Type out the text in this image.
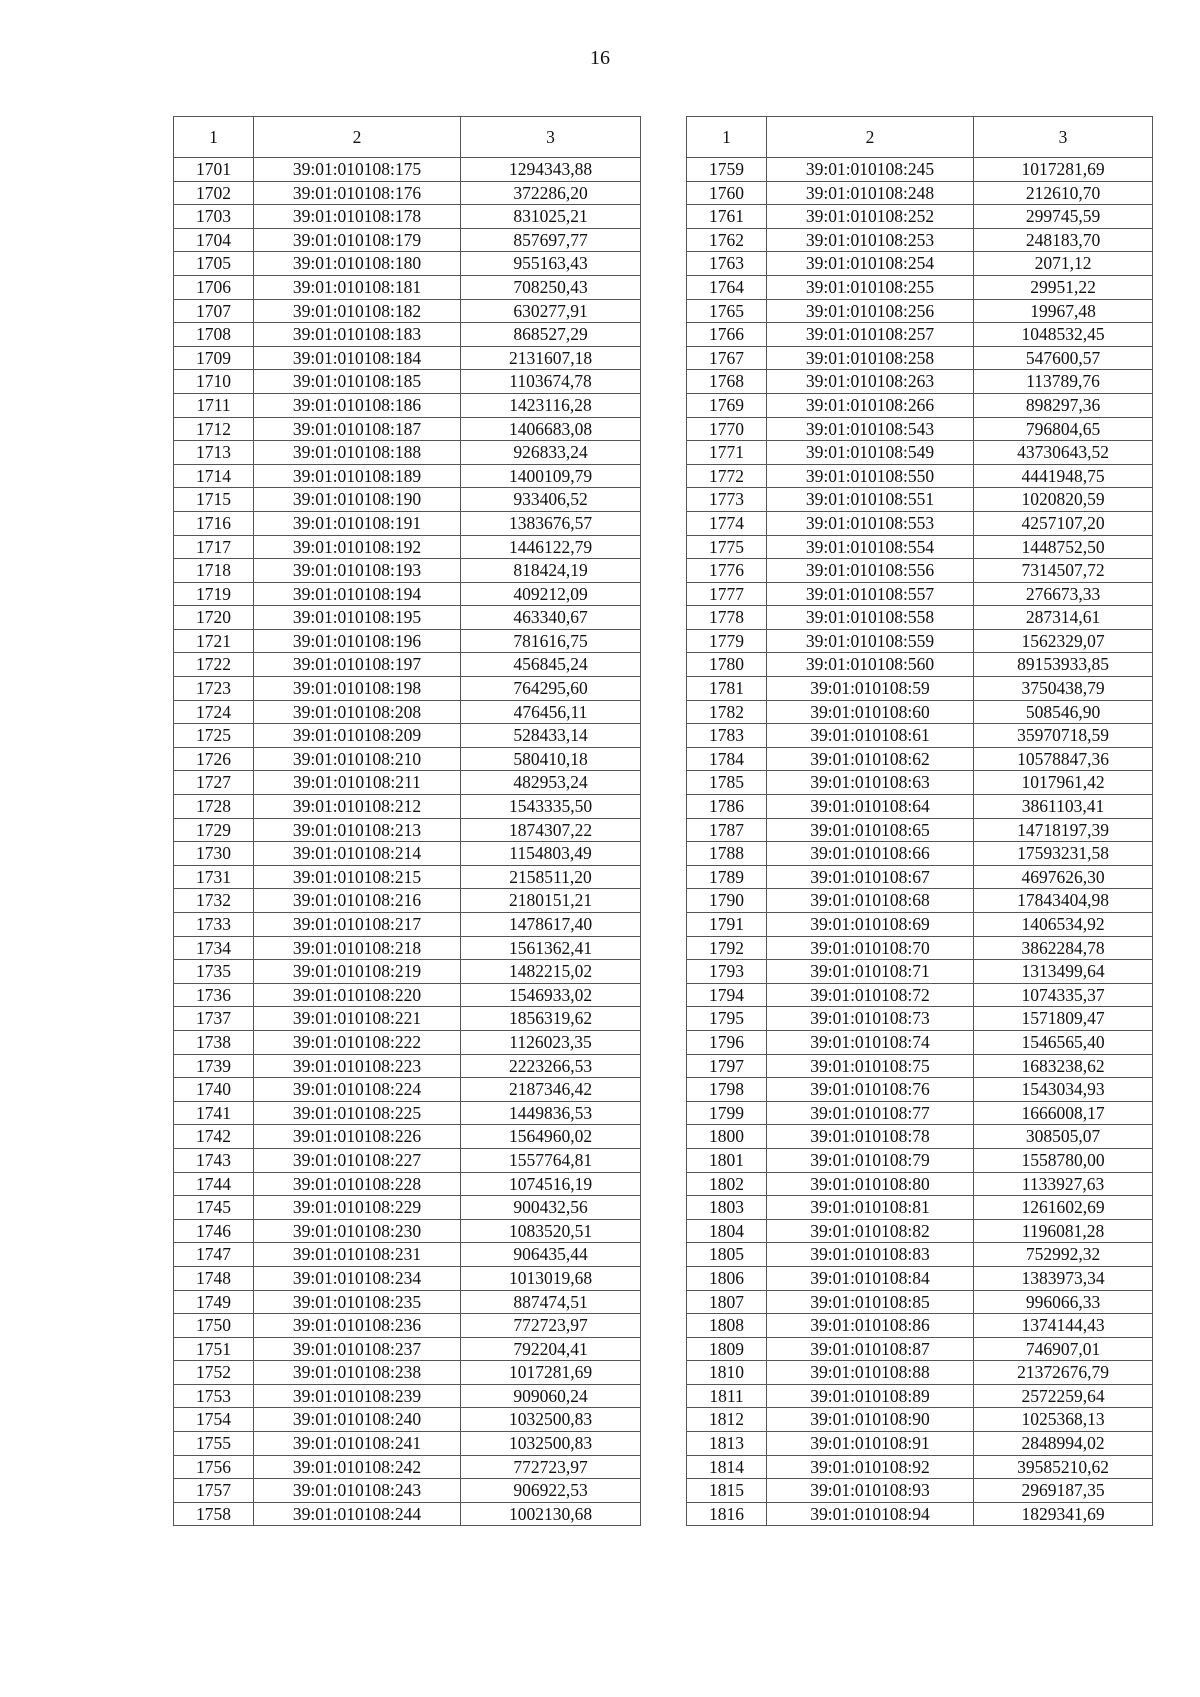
16
1	2	3
1701	39:01:010108:175	1294343,88
1702	39:01:010108:176	372286,20
1703	39:01:010108:178	831025,21
1704	39:01:010108:179	857697,77
1705	39:01:010108:180	955163,43
1706	39:01:010108:181	708250,43
1707	39:01:010108:182	630277,91
1708	39:01:010108:183	868527,29
1709	39:01:010108:184	2131607,18
1710	39:01:010108:185	1103674,78
1711	39:01:010108:186	1423116,28
1712	39:01:010108:187	1406683,08
1713	39:01:010108:188	926833,24
1714	39:01:010108:189	1400109,79
1715	39:01:010108:190	933406,52
1716	39:01:010108:191	1383676,57
1717	39:01:010108:192	1446122,79
1718	39:01:010108:193	818424,19
1719	39:01:010108:194	409212,09
1720	39:01:010108:195	463340,67
1721	39:01:010108:196	781616,75
1722	39:01:010108:197	456845,24
1723	39:01:010108:198	764295,60
1724	39:01:010108:208	476456,11
1725	39:01:010108:209	528433,14
1726	39:01:010108:210	580410,18
1727	39:01:010108:211	482953,24
1728	39:01:010108:212	1543335,50
1729	39:01:010108:213	1874307,22
1730	39:01:010108:214	1154803,49
1731	39:01:010108:215	2158511,20
1732	39:01:010108:216	2180151,21
1733	39:01:010108:217	1478617,40
1734	39:01:010108:218	1561362,41
1735	39:01:010108:219	1482215,02
1736	39:01:010108:220	1546933,02
1737	39:01:010108:221	1856319,62
1738	39:01:010108:222	1126023,35
1739	39:01:010108:223	2223266,53
1740	39:01:010108:224	2187346,42
1741	39:01:010108:225	1449836,53
1742	39:01:010108:226	1564960,02
1743	39:01:010108:227	1557764,81
1744	39:01:010108:228	1074516,19
1745	39:01:010108:229	900432,56
1746	39:01:010108:230	1083520,51
1747	39:01:010108:231	906435,44
1748	39:01:010108:234	1013019,68
1749	39:01:010108:235	887474,51
1750	39:01:010108:236	772723,97
1751	39:01:010108:237	792204,41
1752	39:01:010108:238	1017281,69
1753	39:01:010108:239	909060,24
1754	39:01:010108:240	1032500,83
1755	39:01:010108:241	1032500,83
1756	39:01:010108:242	772723,97
1757	39:01:010108:243	906922,53
1758	39:01:010108:244	1002130,68
1	2	3
1759	39:01:010108:245	1017281,69
1760	39:01:010108:248	212610,70
1761	39:01:010108:252	299745,59
1762	39:01:010108:253	248183,70
1763	39:01:010108:254	2071,12
1764	39:01:010108:255	29951,22
1765	39:01:010108:256	19967,48
1766	39:01:010108:257	1048532,45
1767	39:01:010108:258	547600,57
1768	39:01:010108:263	113789,76
1769	39:01:010108:266	898297,36
1770	39:01:010108:543	796804,65
1771	39:01:010108:549	43730643,52
1772	39:01:010108:550	4441948,75
1773	39:01:010108:551	1020820,59
1774	39:01:010108:553	4257107,20
1775	39:01:010108:554	1448752,50
1776	39:01:010108:556	7314507,72
1777	39:01:010108:557	276673,33
1778	39:01:010108:558	287314,61
1779	39:01:010108:559	1562329,07
1780	39:01:010108:560	89153933,85
1781	39:01:010108:59	3750438,79
1782	39:01:010108:60	508546,90
1783	39:01:010108:61	35970718,59
1784	39:01:010108:62	10578847,36
1785	39:01:010108:63	1017961,42
1786	39:01:010108:64	3861103,41
1787	39:01:010108:65	14718197,39
1788	39:01:010108:66	17593231,58
1789	39:01:010108:67	4697626,30
1790	39:01:010108:68	17843404,98
1791	39:01:010108:69	1406534,92
1792	39:01:010108:70	3862284,78
1793	39:01:010108:71	1313499,64
1794	39:01:010108:72	1074335,37
1795	39:01:010108:73	1571809,47
1796	39:01:010108:74	1546565,40
1797	39:01:010108:75	1683238,62
1798	39:01:010108:76	1543034,93
1799	39:01:010108:77	1666008,17
1800	39:01:010108:78	308505,07
1801	39:01:010108:79	1558780,00
1802	39:01:010108:80	1133927,63
1803	39:01:010108:81	1261602,69
1804	39:01:010108:82	1196081,28
1805	39:01:010108:83	752992,32
1806	39:01:010108:84	1383973,34
1807	39:01:010108:85	996066,33
1808	39:01:010108:86	1374144,43
1809	39:01:010108:87	746907,01
1810	39:01:010108:88	21372676,79
1811	39:01:010108:89	2572259,64
1812	39:01:010108:90	1025368,13
1813	39:01:010108:91	2848994,02
1814	39:01:010108:92	39585210,62
1815	39:01:010108:93	2969187,35
1816	39:01:010108:94	1829341,69
